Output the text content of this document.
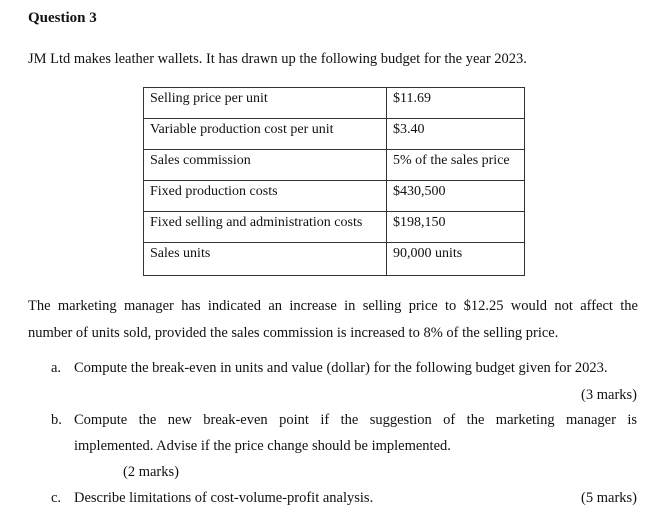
Question 3
JM Ltd makes leather wallets. It has drawn up the following budget for the year 2023.
Selling price per unit	$11.69
Variable production cost per unit	$3.40
Sales commission	5% of the sales price
Fixed production costs	$430,500
Fixed selling and administration costs	$198,150
Sales units	90,000 units
The marketing manager has indicated an increase in selling price to $12.25 would not affect the
number of units sold, provided the sales commission is increased to 8% of the selling price.
a. Compute the break-even in units and value (dollar) for the following budget given for 2023.
(3 marks)
b. Compute the new break-even point if the suggestion of the marketing manager is
implemented. Advise if the price change should be implemented.
(2 marks)
c. Describe limitations of cost-volume-profit analysis.	(5 marks)
